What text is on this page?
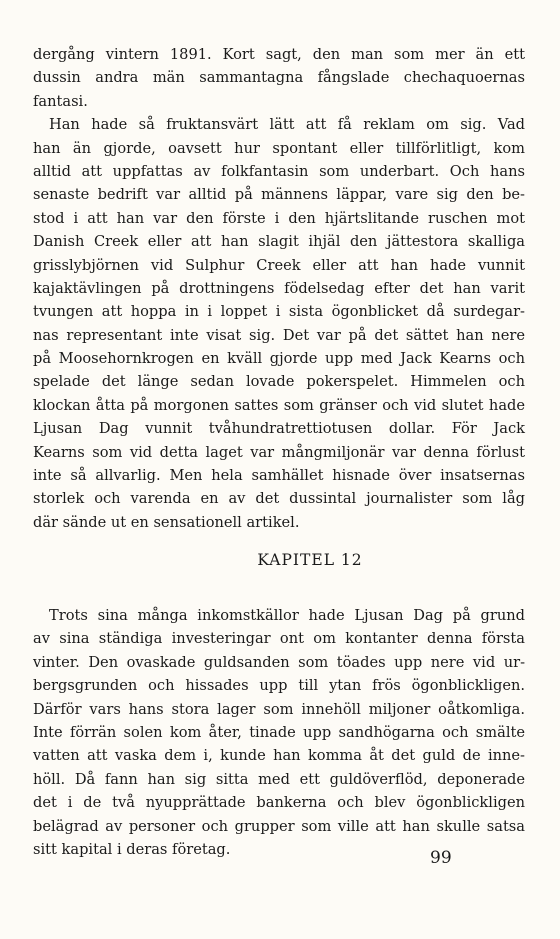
dergång vintern 1891. Kort sagt, den man som mer än ett
dussin andra män sammantagna fångslade chechaquoernas
fantasi.
Han hade så fruktansvärt lätt att få reklam om sig. Vad
han än gjorde, oavsett hur spontant eller tillförlitligt, kom
alltid att uppfattas av folkfantasin som underbart. Och hans
senaste bedrift var alltid på männens läppar, vare sig den be-
stod i att han var den förste i den hjärtslitande ruschen mot
Danish Creek eller att han slagit ihjäl den jättestora skalliga
grisslybjörnen vid Sulphur Creek eller att han hade vunnit
kajaktävlingen på drottningens födelsedag efter det han varit
tvungen att hoppa in i loppet i sista ögonblicket då surdegar-
nas representant inte visat sig. Det var på det sättet han nere
på Moosehornkrogen en kväll gjorde upp med Jack Kearns och
spelade det länge sedan lovade pokerspelet. Himmelen och
klockan åtta på morgonen sattes som gränser och vid slutet hade
Ljusan Dag vunnit tvåhundratrettiotusen dollar. För Jack
Kearns som vid detta laget var mångmiljonär var denna förlust
inte så allvarlig. Men hela samhället hisnade över insatsernas
storlek och varenda en av det dussintal journalister som låg
där sände ut en sensationell artikel.
KAPITEL 12
Trots sina många inkomstkällor hade Ljusan Dag på grund
av sina ständiga investeringar ont om kontanter denna första
vinter. Den ovaskade guldsanden som töades upp nere vid ur-
bergsgrunden och hissades upp till ytan frös ögonblickligen.
Därför vars hans stora lager som innehöll miljoner oåtkomliga.
Inte förrän solen kom åter, tinade upp sandhögarna och smälte
vatten att vaska dem i, kunde han komma åt det guld de inne-
höll. Då fann han sig sitta med ett guldöverflöd, deponerade
det i de två nyupprättade bankerna och blev ögonblickligen
belägrad av personer och grupper som ville att han skulle satsa
sitt kapital i deras företag.	99
